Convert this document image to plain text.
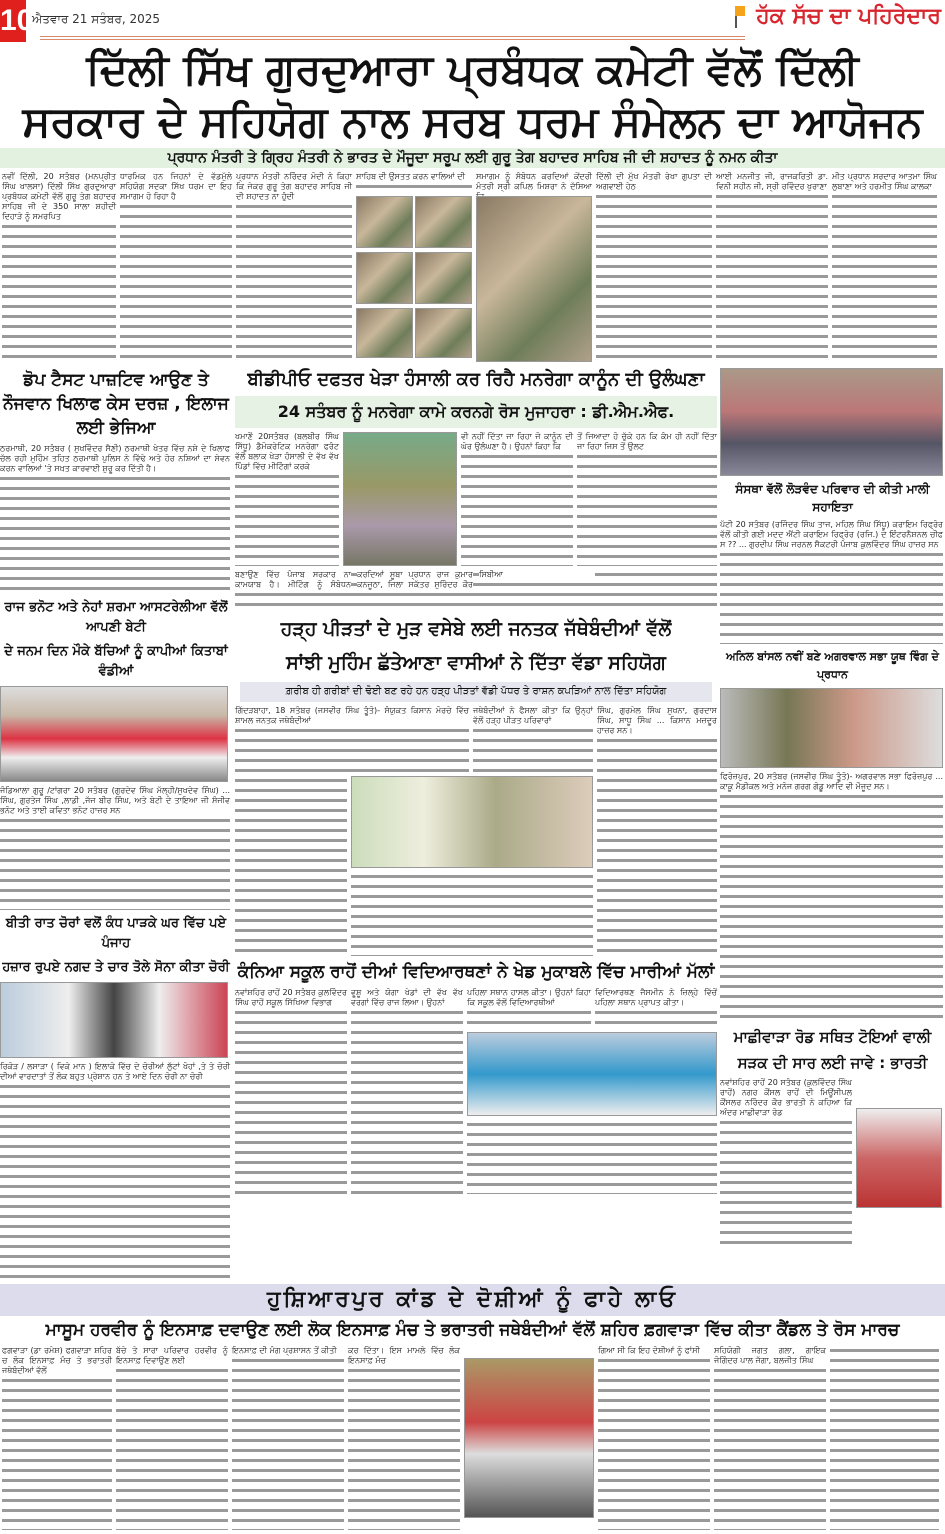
10
ਐਤਵਾਰ 21 ਸਤੰਬਰ, 2025	ਹੱਕ ਸੱਚ ਦਾ ਪਹਿਰੇਦਾਰ
ਦਿੱਲੀ ਸਿੱਖ ਗੁਰਦੁਆਰਾ ਪ੍ਰਬੰਧਕ ਕਮੇਟੀ ਵੱਲੋਂ ਦਿੱਲੀ
ਸਰਕਾਰ ਦੇ ਸਹਿਯੋਗ ਨਾਲ ਸਰਬ ਧਰਮ ਸੰਮੇਲਨ ਦਾ ਆਯੋਜਨ
ਪ੍ਰਧਾਨ ਮੰਤਰੀ ਤੇ ਗ੍ਰਿਹ ਮੰਤਰੀ ਨੇ ਭਾਰਤ ਦੇ ਮੌਜੂਦਾ ਸਰੂਪ ਲਈ ਗੁਰੂ ਤੇਗ ਬਹਾਦਰ ਸਾਹਿਬ ਜੀ ਦੀ ਸ਼ਹਾਦਤ ਨੂੰ ਨਮਨ ਕੀਤਾ

ਨਵੀਂ ਦਿੱਲੀ, 20 ਸਤੰਬਰ (ਮਨਪ੍ਰੀਤ ਸਿੰਘ ਖਾਲਸਾ) ਦਿੱਲੀ ਸਿੱਖ ਗੁਰਦੁਆਰਾ ਪ੍ਰਬੰਧਕ ਕਮੇਟੀ ਵੱਲੋਂ ਗੁਰੂ ਤੇਗ ਬਹਾਦਰ ਸਾਹਿਬ ਜੀ ਦੇ 350 ਸਾਲਾ ਸ਼ਹੀਦੀ ਦਿਹਾੜੇ ਨੂੰ ਸਮਰਪਿਤ

ਧਾਰਮਿਕ ਹਨ ਜਿਹਨਾਂ ਦੇ ਵੱਡਮੁੱਲੇ ਸਹਿਯੋਗ ਸਦਕਾ ਸਿੱਖ ਧਰਮ ਦਾ ਇਹ ਸਮਾਗਮ ਹੋ ਰਿਹਾ ਹੈ

ਪ੍ਰਧਾਨ ਮੰਤਰੀ ਨਰਿੰਦਰ ਮੋਦੀ ਨੇ ਕਿਹਾ ਕਿ ਜੇਕਰ ਗੁਰੂ ਤੇਗ ਬਹਾਦਰ ਸਾਹਿਬ ਜੀ ਦੀ ਸ਼ਹਾਦਤ ਨਾ ਹੁੰਦੀ

ਸਾਹਿਬ ਦੀ ਉਸਤਤ ਕਰਨ ਵਾਲਿਆਂ ਦੀ	ਸਮਾਗਮ ਨੂੰ ਸੰਬੋਧਨ ਕਰਦਿਆਂ ਕੇਂਦਰੀ ਮੰਤਰੀ ਸ੍ਰੀ ਕਪਿਲ ਮਿਸ਼ਰਾ ਨੇ ਦੱਸਿਆ

ਦਿੱਲੀ ਦੀ ਮੁੱਖ ਮੰਤਰੀ ਰੇਖਾ ਗੁਪਤਾ ਦੀ ਅਗਵਾਈ ਹੇਠ

ਆਈ ਮਨਜੀਤ ਜੀ, ਰਾਜਕਰਿਤੀ ਡਾ. ਵਿਨੀ ਸਹੀਨ ਜੀ, ਸ੍ਰੀ ਰਵਿੰਦਰ ਖੁਰਾਣਾ

ਮੀਤ ਪ੍ਰਧਾਨ ਸਰਦਾਰ ਆਤਮਾ ਸਿੰਘ ਲੁਬਾਣਾ ਅਤੇ ਹਰਮੀਤ ਸਿੰਘ ਕਾਲਕਾ

ਡੋਪ ਟੈਸਟ ਪਾਜ਼ਟਿਵ ਆਉਣ ਤੇ ਨੌਜਵਾਨ ਖਿਲਾਫ ਕੇਸ ਦਰਜ਼ , ਇਲਾਜ ਲਈ ਭੇਜਿਆ

ਠਰਮਾਥੀ, 20 ਸਤੰਬਰ ( ਸੁਖਵਿੰਦਰ ਸੈਣੀ) ਠਰਮਾਥੀ ਖੇਤਰ ਵਿੱਚ ਨਸ਼ੇ ਦੇ ਖਿਲਾਫ ਚੱਲ ਰਹੀ ਮੁਹਿੰਮ ਤਹਿਤ ਠਰਮਾਥੀ ਪੁਲਿਸ ਨੇ ਵਿੱਢੇ ਅਤੇ ਹੋਰ ਨਸ਼ਿਆਂ ਦਾ ਸੇਵਨ ਕਰਨ ਵਾਲਿਆਂ 'ਤੇ ਸਖ਼ਤ ਕਾਰਵਾਈ ਸ਼ੁਰੂ ਕਰ ਦਿੱਤੀ ਹੈ।

ਰਾਜ ਭਨੋਟ ਅਤੇ ਨੇਹਾਂ ਸ਼ਰਮਾ ਆਸਟਰੇਲੀਆ ਵੱਲੋਂ ਆਪਣੀ ਬੇਟੀ
ਦੇ ਜਨਮ ਦਿਨ ਮੌਕੇ ਬੱਚਿਆਂ ਨੂੰ ਕਾਪੀਆਂ ਕਿਤਾਬਾਂ ਵੰਡੀਆਂ

ਜੰਡਿਆਲਾ ਗੁਰੂ /ਟਾਂਗਰਾ 20 ਸਤੰਬਰ (ਗੁਰਦੇਵ ਸਿੰਘ ਮੱਲ੍ਹੀ/ਸੁਖਦੇਵ ਸਿੰਘ) ... ਸਿੰਘ, ਗੁਰਤੇਜ ਸਿੰਘ ,ਲਾਡੀ ,ਜੱਜ ਬੀਰ ਸਿੰਘ, ਅਤੇ ਬੇਟੀ ਦੇ ਤਾਇਆ ਜੀ ਸੰਜੀਵ ਭਨੋਟ ਅਤੇ ਤਾਈ ਕਵਿਤਾ ਭਨੋਟ ਹਾਜ਼ਰ ਸਨ

ਬੀਤੀ ਰਾਤ ਚੋਰਾਂ ਵਲੋਂ ਕੰਧ ਪਾੜਕੇ ਘਰ ਵਿੱਚ ਪਏ ਪੰਜਾਹ
ਹਜ਼ਾਰ ਰੁਪਏ ਨਗਦ ਤੇ ਚਾਰ ਤੋਲੇ ਸੋਨਾ ਕੀਤਾ ਚੋਰੀ

ਰਿਕੋੜ / ਲਸਾੜਾ ( ਵਿਕੇ ਮਾਨ ) ਇਲਾਕੇ ਵਿੱਚ ਦੇ ਚੋਰੀਆਂ ਲੁੱਟਾਂ ਖੋਹਾਂ ,ਤੇ ਤੇ ਚੋਰੀ ਦੀਆਂ ਵਾਰਦਾਤਾਂ ਤੋਂ ਲੋਕ ਬਹੁਤ ਪ੍ਰੇਸ਼ਾਨ ਹਨ ਤੇ ਆਏ ਦਿਨ ਚੋਰੀ ਨਾ ਚੋਰੀ

ਬੀਡੀਪੀਓ ਦਫਤਰ ਖੇੜਾ ਹੰਸਾਲੀ ਕਰ ਰਿਹੈ ਮਨਰੇਗਾ ਕਾਨੂੰਨ ਦੀ ਉਲੰਘਣਾ
24 ਸਤੰਬਰ ਨੂੰ ਮਨਰੇਗਾ ਕਾਮੇ ਕਰਨਗੇ ਰੋਸ ਮੁਜਾਹਰਾ : ਡੀ.ਐਮ.ਐਫ.

ਖਮਾਣੋਂ 20ਸਤੰਬਰ (ਬਲਬੀਰ ਸਿੰਘ ਸਿੱਧੂ) ਡੈਮੋਕਰੇਟਿਕ ਮਨਰੇਗਾ ਫਰੰਟ ਵੱਲੋਂ ਬਲਾਕ ਖੇੜਾ ਹੰਸਾਲੀ ਦੇ ਵੱਖ ਵੱਖ ਪਿੰਡਾਂ ਵਿੱਚ ਮੀਟਿੰਗਾਂ ਕਰਕੇ

ਵੀ ਨਹੀਂ ਦਿੱਤਾ ਜਾ ਰਿਹਾ ਜੋ ਕਾਨੂੰਨ ਦੀ ਘੋਰ ਉਲੰਘਣਾ ਹੈ। ਉਹਨਾਂ ਕਿਹਾ ਕਿ

ਤੋਂ ਜਿਆਦਾ ਹੋ ਚੁੱਕੇ ਹਨ ਕਿ ਕੰਮ ਹੀ ਨਹੀਂ ਦਿੱਤਾ ਜਾ ਰਿਹਾ ਜਿਸ ਤੋਂ ਉਲਟ

ਬਣਾਉਣ ਵਿੱਚ ਪੰਜਾਬ ਸਰਕਾਰ ਨਾ ਕਾਮਯਾਬ ਹੈ। ਮੀਟਿੰਗ ਨੂੰ ਸੰਬੋਧਨ ਕਰਦਿਆਂ ਸੂਬਾ ਪ੍ਰਧਾਨ ਰਾਜ ਕੁਮਾਰ ਕਨਜੂਠਾ, ਜਿਲਾ ਸਕੱਤਰ ਸੁਰਿੰਦਰ ਕੌਰ ਸਿਬੀਆ

ਹੜ੍ਹ ਪੀੜਤਾਂ ਦੇ ਮੁੜ ਵਸੇਬੇ ਲਈ ਜਨਤਕ ਜੱਥੇਬੰਦੀਆਂ ਵੱਲੋਂ
ਸਾਂਝੀ ਮੁਹਿੰਮ ਛੱਤੇਆਣਾ ਵਾਸੀਆਂ ਨੇ ਦਿੱਤਾ ਵੱਡਾ ਸਹਿਯੋਗ
ਗ਼ਰੀਬ ਹੀ ਗਰੀਬਾਂ ਦੀ ਢੋਈ ਬਣ ਰਹੇ ਹਨ ਹੜ੍ਹ ਪੀੜਤਾਂ ਵੱਡੀ ਪੱਧਰ ਤੇ ਰਾਸ਼ਨ ਕਪੜਿਆਂ ਨਾਲ ਦਿੱਤਾ ਸਹਿਯੋਗ

ਗਿੱਦੜਬਾਹਾ, 18 ਸਤੰਬਰ (ਜਸਵੀਰ ਸਿੰਘ ਤੂੰਤੋ)- ਸੰਯੁਕਤ ਕਿਸਾਨ ਮੋਰਚੇ ਵਿੱਚ ਸ਼ਾਮਲ ਜਨਤਕ ਜਥੇਬੰਦੀਆਂ

ਜਥੇਬੰਦੀਆਂ ਨੇ ਫੈਸਲਾ ਕੀਤਾ ਕਿ ਉਨ੍ਹਾਂ ਵੱਲੋਂ ਹੜ੍ਹ ਪੀੜਤ ਪਰਿਵਾਰਾਂ

ਸਿੰਘ, ਗੁਰਮੇਲ ਸਿੰਘ ਸੁਖਨਾ, ਗੁਰਦਾਸ ਸਿੰਘ, ਸਾਧੂ ਸਿੰਘ ... ਕਿਸਾਨ ਮਜ਼ਦੂਰ ਹਾਜ਼ਰ ਸਨ।

ਕੰਨਿਆ ਸਕੂਲ ਰਾਹੋਂ ਦੀਆਂ ਵਿਦਿਆਰਥਣਾਂ ਨੇ ਖੇਡ ਮੁਕਾਬਲੇ ਵਿੱਚ ਮਾਰੀਆਂ ਮੱਲਾਂ

ਨਵਾਂਸ਼ਹਿਰ ਰਾਹੋਂ 20 ਸਤੰਬਰ ਕੁਲਵਿੰਦਰ ਸਿੰਘ ਰਾਹੋਂ ਸਕੂਲ ਸਿੱਖਿਆ ਵਿਭਾਗ

ਵੂਸ਼ੂ ਅਤੇ ਯੋਗਾ ਖੇਡਾਂ ਦੀ ਵੱਖ ਵੱਖ ਵਰਗਾਂ ਵਿੱਚ ਰਾਜ ਲਿਆ। ਉਹਨਾਂ

ਪਹਿਲਾ ਸਥਾਨ ਹਾਸਲ ਕੀਤਾ। ਉਹਨਾਂ ਕਿਹਾ ਕਿ ਸਕੂਲ ਵੱਲੋਂ ਵਿਦਿਆਰਥੀਆਂ

ਵਿਦਿਆਰਥਣ ਜੈਸਮੀਨ ਨੇ ਜ਼ਿਲ੍ਹੇ ਵਿੱਚੋਂ ਪਹਿਲਾ ਸਥਾਨ ਪ੍ਰਾਪਤ ਕੀਤਾ।

ਸੰਸਥਾ ਵੱਲੋਂ ਲੋੜਵੰਦ ਪਰਿਵਾਰ ਦੀ ਕੀਤੀ ਮਾਲੀ ਸਹਾਇਤਾ

ਪੱਟੀ 20 ਸਤੰਬਰ (ਰਜਿੰਦਰ ਸਿੰਘ ਤਾਜ, ਮਹਿਲ ਸਿੰਘ ਸਿੱਧੂ) ਕਰਾਇਮ ਰਿਫ੍ਰੋਰ ਵੱਲੋਂ ਕੀਤੀ ਗਈ ਮਦਦ ਐਂਟੀ ਕਰਾਇਮ ਰਿਫ੍ਰੋਰ (ਰਜਿ.) ਦੇ ਇੰਟਰਨੈਸ਼ਨਲ ਚੀਫ ਸ ?? ... ਗੁਰਦੀਪ ਸਿੰਘ ਜਰਨਲ ਸੈਕਟਰੀ ਪੰਜਾਬ ਕੁਲਵਿੰਦਰ ਸਿੰਘ ਹਾਜ਼ਰ ਸਨ

ਅਨਿਲ ਬਾਂਸਲ ਨਵੀਂ ਬਣੇ ਅਗਰਵਾਲ ਸਭਾ ਯੂਥ ਵਿੰਗ ਦੇ ਪ੍ਰਧਾਨ

ਫਿਰੋਜ਼ਪੁਰ, 20 ਸਤੰਬਰ (ਜਸਵੀਰ ਸਿੰਘ ਤੂੰਤੋ)- ਅਗਰਵਾਲ ਸਭਾ ਫਿਰੋਜ਼ਪੁਰ ... ਕਾਕੂ ਮੈਡੀਕਲ ਅਤੇ ਮਨੋਜ ਗਰਗ ਗੋਡੂ ਆਦਿ ਵੀ ਮੌਜੂਦ ਸਨ।

ਮਾਛੀਵਾੜਾ ਰੋਡ ਸਥਿਤ ਟੋਇਆਂ ਵਾਲੀ
ਸੜਕ ਦੀ ਸਾਰ ਲਈ ਜਾਵੇ : ਭਾਰਤੀ

ਨਵਾਂਸ਼ਹਿਰ ਰਾਹੋਂ 20 ਸਤੰਬਰ (ਕੁਲਵਿੰਦਰ ਸਿੰਘ ਰਾਹੋਂ) ਨਗਰ ਕੌਂਸਲ ਰਾਹੋਂ ਦੀ ਮਿਊਂਸੀਪਲ ਕੌਂਸਲਰ ਨਰਿੰਦਰ ਕੌਰ ਭਾਰਤੀ ਨੇ ਕਹਿਆ ਕਿ ਅੰਦਰ ਮਾਛੀਵਾੜਾ ਰੋਡ

ਹੁਸ਼ਿਆਰਪੁਰ ਕਾਂਡ ਦੇ ਦੋਸ਼ੀਆਂ ਨੂੰ ਫਾਹੇ ਲਾਓ
ਮਾਸੂਮ ਹਰਵੀਰ ਨੂੰ ਇਨਸਾਫ਼ ਦਵਾਉਣ ਲਈ ਲੋਕ ਇਨਸਾਫ਼ ਮੰਚ ਤੇ ਭਰਾਤਰੀ ਜਥੇਬੰਦੀਆਂ ਵੱਲੋਂ ਸ਼ਹਿਰ ਫ਼ਗਵਾੜਾ ਵਿੱਚ ਕੀਤਾ ਕੈਂਡਲ ਤੇ ਰੋਸ ਮਾਰਚ

ਫਗਵਾੜਾ (ਡਾ ਰਮੇਸ਼) ਫਗਵਾੜਾ ਸ਼ਹਿਰ ਚ ਲੋਕ ਇਨਸਾਫ਼ ਮੰਚ ਤੇ ਭਰਾਤਰੀ ਜਥੇਬੰਦੀਆਂ ਵੱਲੋਂ

ਬੱਚੇ ਤੇ ਸਾਰਾ ਪਰਿਵਾਰ ਹਰਵੀਰ ਨੂੰ ਇਨਸਾਫ਼ ਦਿਵਾਉਣ ਲਈ

ਇਨਸਾਫ਼ ਦੀ ਮੰਗ ਪ੍ਰਸ਼ਾਸਨ ਤੋਂ ਕੀਤੀ	ਕਰ ਦਿੱਤਾ। ਇਸ ਮਾਮਲੇ ਵਿੱਚ ਲੋਕ ਇਨਸਾਫ਼ ਮੰਚ

ਗਿਆ ਸੀ ਕਿ ਇਹ ਦੋਸ਼ੀਆਂ ਨੂੰ ਫਾਂਸੀ	ਸਹਿਯੋਗੀ ਜਗਤ ਗਲਾ, ਗਾਇਕ ਜੋਗਿੰਦਰ ਪਾਲ ਜੱਗਾ, ਬਲਜੀਤ ਸਿੰਘ
